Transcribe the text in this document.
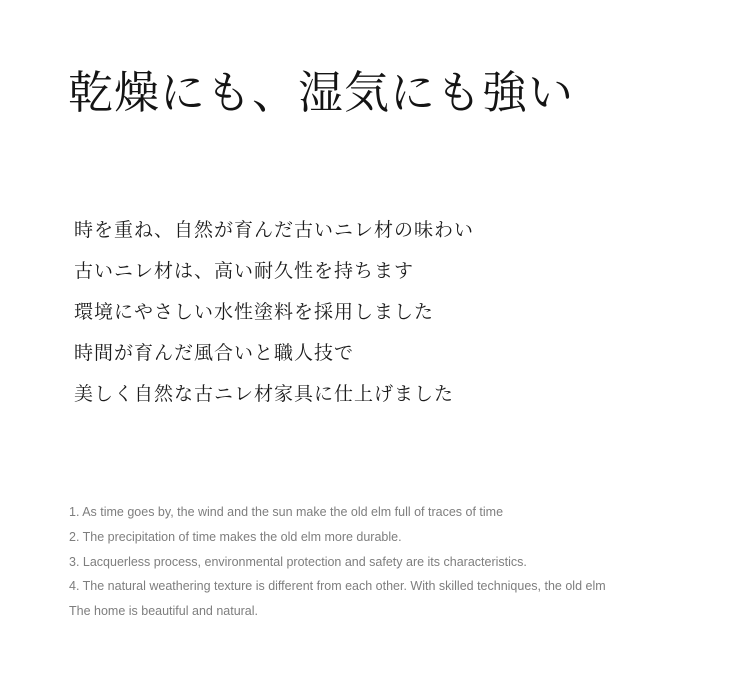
乾燥にも、湿気にも強い
時を重ね、自然が育んだ古いニレ材の味わい
古いニレ材は、高い耐久性を持ちます
環境にやさしい水性塗料を採用しました
時間が育んだ風合いと職人技で
美しく自然な古ニレ材家具に仕上げました
1. As time goes by, the wind and the sun make the old elm full of traces of time
2. The precipitation of time makes the old elm more durable.
3. Lacquerless process, environmental protection and safety are its characteristics.
4. The natural weathering texture is different from each other. With skilled techniques, the old elm
The home is beautiful and natural.
